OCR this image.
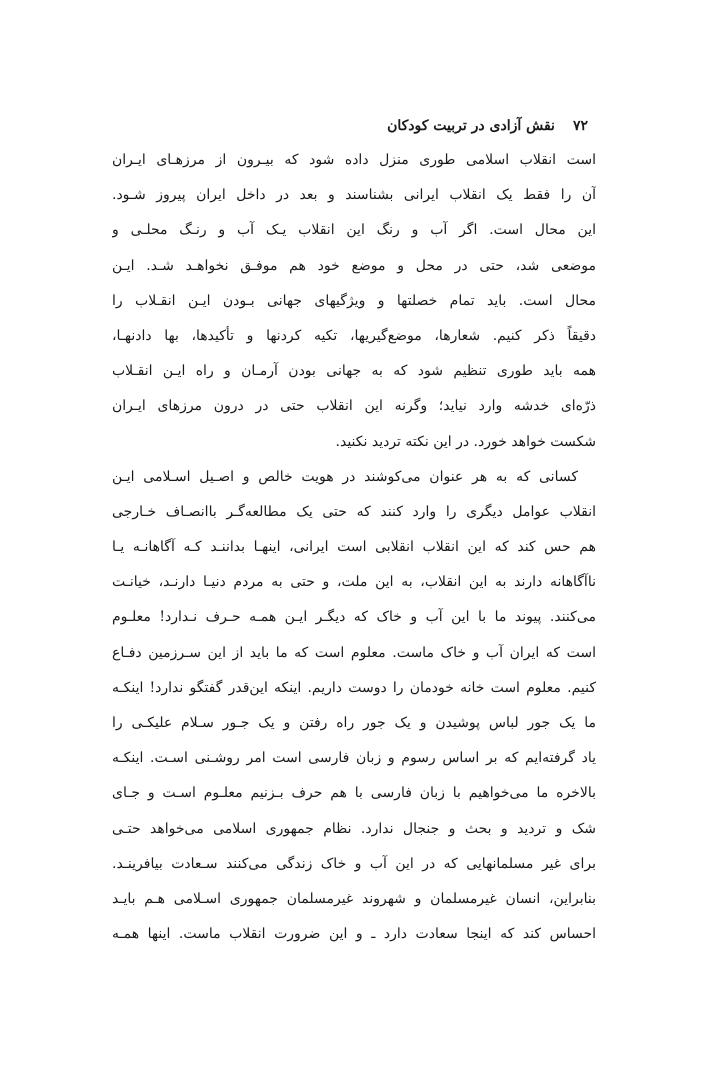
۷۲
نقش آزادی در تربیت کودکان
است انقلاب اسلامی طوری منزل داده شود که بیـرون از مرزهـای ایـران
آن را فقط یک انقلاب ایرانی بشناسند و بعد در داخل ایران پیروز شـود.
این محال است. اگر آب و رنگ این انقلاب یـک آب و رنـگ محلـی و
موضعی شد، حتی در محل و موضع خود هم موفـق نخواهـد شـد. ایـن
محال است. باید تمام خصلتها و ویژگیهای جهانی بـودن ایـن انقـلاب را
دقیقاً ذکر کنیم. شعارها، موضع‌گیریها، تکیه کردنها و تأکیدها، بها دادنهـا،
همه باید طوری تنظیم شود که به جهانی بودن آرمـان و راه ایـن انقـلاب
ذرّه‌ای خدشه وارد نیاید؛ وگرنه این انقلاب حتی در درون مرزهای ایـران
شکست خواهد خورد. در این نکته تردید نکنید.
کسانی که به هر عنوان می‌کوشند در هویت خالص و اصـیل اسـلامی ایـن
انقلاب عوامل دیگری را وارد کنند که حتی یک مطالعه‌گـر باانصـاف خـارجی
هم حس کند که این انقلاب انقلابی است ایرانی، اینهـا بداننـد کـه آگاهانـه یـا
ناآگاهانه دارند به این انقلاب، به این ملت، و حتی به مردم دنیـا دارنـد، خیانـت
می‌کنند. پیوند ما با این آب و خاک که دیگـر ایـن همـه حـرف نـدارد! معلـوم
است که ایران آب و خاک ماست. معلوم است که ما باید از این سـرزمین دفـاع
کنیم. معلوم است خانه خودمان را دوست داریم. اینکه این‌قدر گفتگو ندارد! اینکـه
ما یک جور لباس پوشیدن و یک جور راه رفتن و یک جـور سـلام علیکـی را
یاد گرفته‌ایم که بر اساس رسوم و زبان فارسی است امر روشـنی اسـت. اینکـه
بالاخره ما می‌خواهیم با زبان فارسی با هم حرف بـزنیم معلـوم اسـت و جـای
شک و تردید و بحث و جنجال ندارد. نظام جمهوری اسلامی می‌خواهد حتـی
برای غیر مسلمانهایی که در این آب و خاک زندگی می‌کنند سـعادت بیافرینـد.
بنابراین، انسان غیرمسلمان و شهروند غیرمسلمان جمهوری اسـلامی هـم بایـد
احساس کند که اینجا سعادت دارد ـ و این ضرورت انقلاب ماست. اینها همـه
